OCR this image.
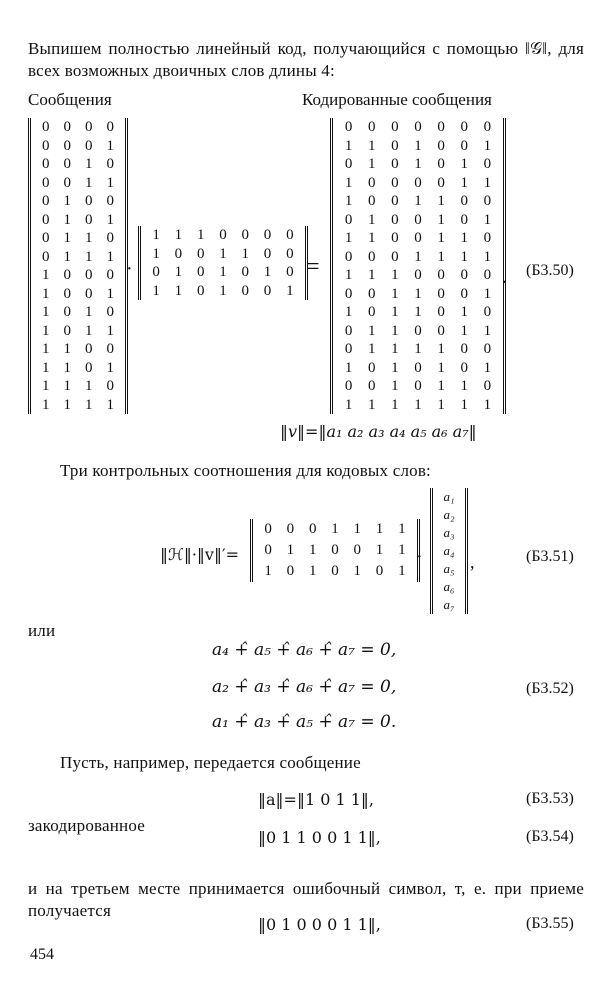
Выпишем полностью линейный код, получающийся с помощью ‖𝒢‖, для всех возможных двоичных слов длины 4:
Сообщения	Кодированные сообщения
0 0 0 0
0 0 0 1
0 0 1 0
0 0 1 1
0 1 0 0
0 1 0 1
0 1 1 0
0 1 1 1
1 0 0 0
1 0 0 1
1 0 1 0
1 0 1 1
1 1 0 0
1 1 0 1
1 1 1 0
1 1 1 1
·
1 1 1 0 0 0 0
1 0 0 1 1 0 0
0 1 0 1 0 1 0
1 1 0 1 0 0 1
=
0	0	0	0	0	0	0
1	1	0	1	0	0	1
0	1	0	1	0	1	0
1	0	0	0	0	1	1
1	0	0	1	1	0	0
0	1	0	0	1	0	1
1	1	0	0	1	1	0
0	0	0	1	1	1	1
1	1	1	0	0	0	0
0	0	1	1	0	0	1
1	0	1	1	0	1	0
0	1	1	0	0	1	1
0	1	1	1	1	0	0
1	0	1	0	1	0	1
0	0	1	0	1	1	0
1	1	1	1	1	1	1
. (Б3.50)
‖v‖=‖a₁ a₂ a₃ a₄ a₅ a₆ a₇‖
Три контрольных соотношения для кодовых слов:
‖ℋ‖·‖v‖′=
0 0 0 1 1 1 1
0 1 1 0 0 1 1
1 0 1 0 1 0 1
·
a₁
a₂
a₃
a₄
a₅
a₆
a₇
,	(Б3.51)
или
a₄ +̂ a₅ +̂ a₆ +̂ a₇ = 0,
a₂ +̂ a₃ +̂ a₆ +̂ a₇ = 0,
a₁ +̂ a₃ +̂ a₅ +̂ a₇ = 0.
(Б3.52)
Пусть, например, передается сообщение
‖a‖=‖1 0 1 1‖,	(Б3.53)
закодированное
‖0 1 1 0 0 1 1‖,	(Б3.54)
и на третьем месте принимается ошибочный символ, т, е. при приеме получается
‖0 1 0 0 0 1 1‖,	(Б3.55)
454
